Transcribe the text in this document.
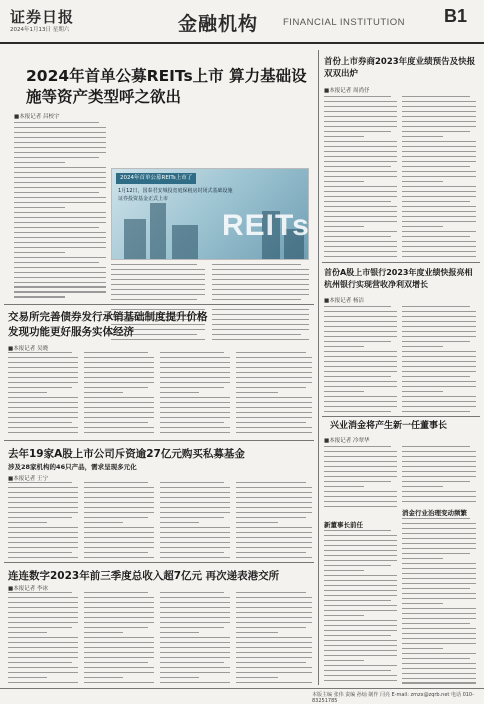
证券日报
2024年1月13日 星期六	金融机构	FINANCIAL INSTITUTION B1
2024年首单公募REITs上市 算力基础设施等资产类型呼之欲出
■本报记者 昌校宇
2024年首单公募REITs上市了
1月12日，国泰君安城投宽庭保租房封闭式基础设施
证券投资基金正式上市
REITs
首份上市券商2023年度业绩预告及快报双双出炉
■本报记者 周尚伃
首份A股上市银行2023年度业绩快报亮相杭州银行实现营收净利双增长
■本报记者 杨洁
兴业消金将产生新一任董事长
■本报记者 冷翠华
新董事长前任
消金行业治理变动频繁
交易所完善债券发行承销基础制度提升价格发现功能更好服务实体经济
■本报记者 吴晓
去年19家A股上市公司斥资逾27亿元购买私募基金
涉及28家机构的46只产品，需求呈现多元化
■本报记者 王宁
连连数字2023年前三季度总收入超7亿元 再次递表港交所
■本报记者 李冰
本版主编 张伟 责编 孙灿 制作 闫亮 E-mail: zmzx@zqrb.net 电话 010-83251785
